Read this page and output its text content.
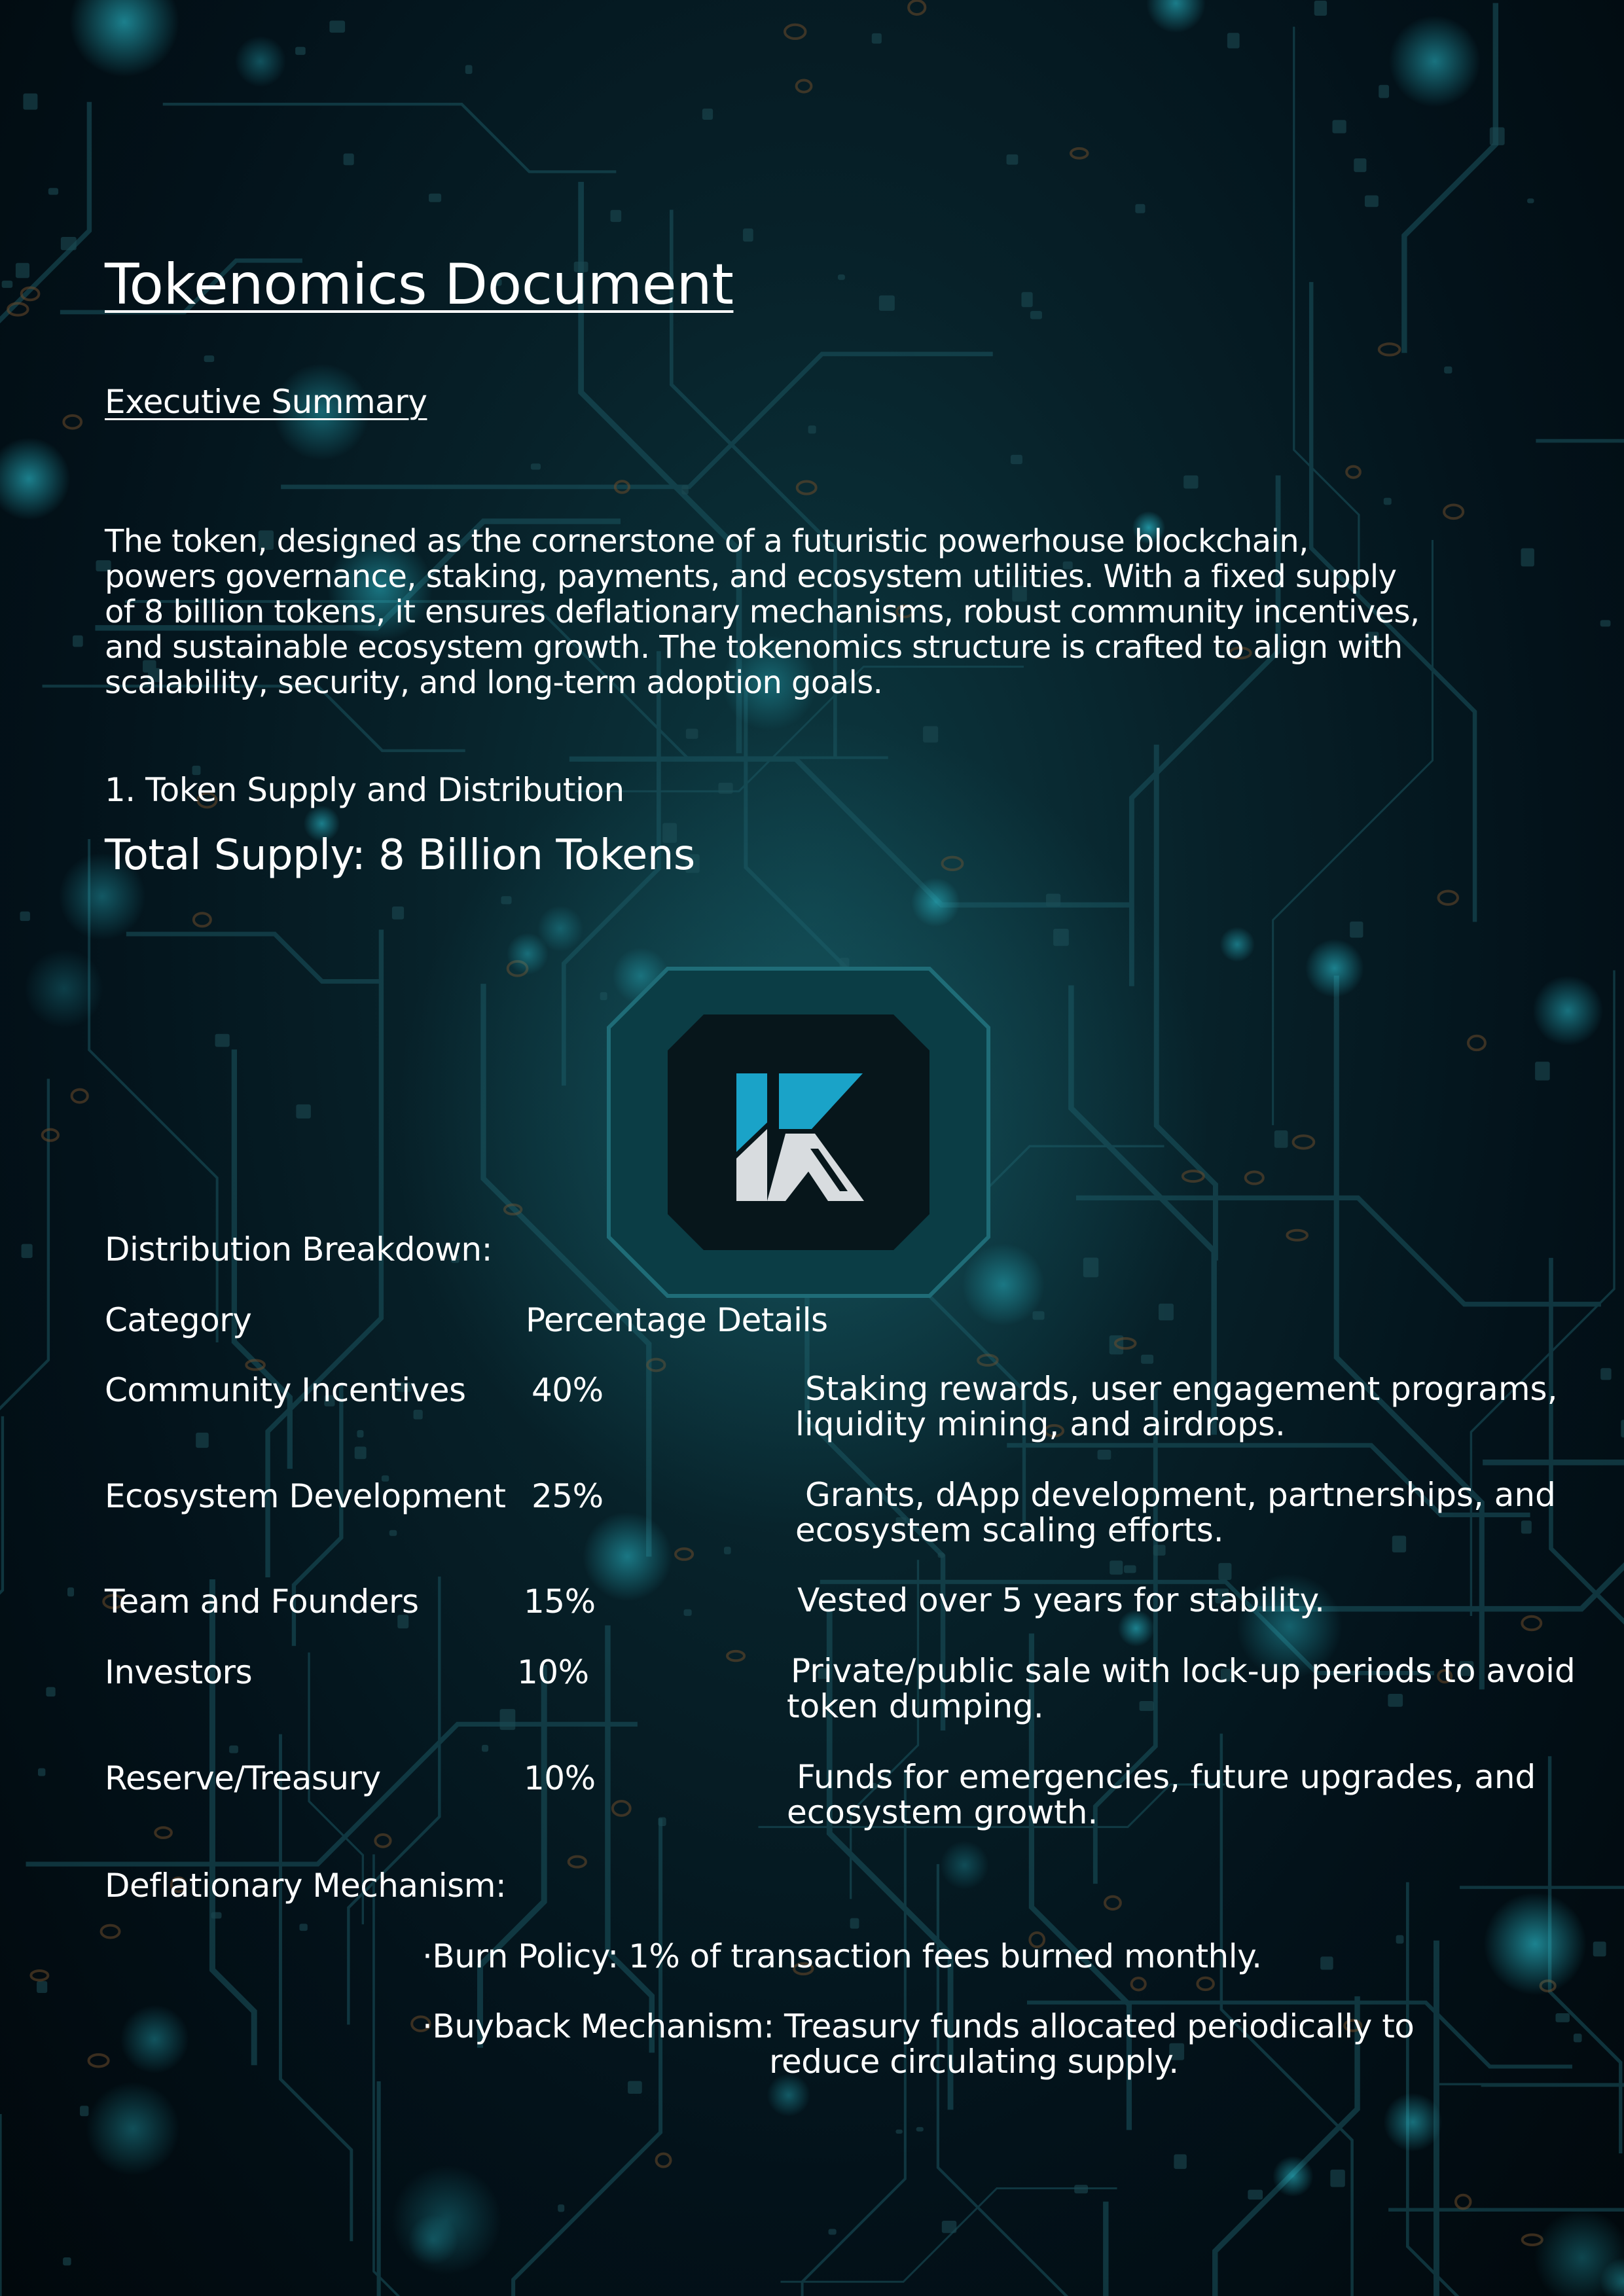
Tokenomics Document
Executive Summary
The token, designed as the cornerstone of a futuristic powerhouse blockchain,
powers governance, staking, payments, and ecosystem utilities. With a fixed supply
of 8 billion tokens, it ensures deflationary mechanisms, robust community incentives,
and sustainable ecosystem growth. The tokenomics structure is crafted to align with
scalability, security, and long-term adoption goals.
1. Token Supply and Distribution
Total Supply: 8 Billion Tokens
Distribution Breakdown:
Category	Percentage Details
Community Incentives 40%	Staking rewards, user engagement programs,
liquidity mining, and airdrops.
Ecosystem Development 25%	Grants, dApp development, partnerships, and
ecosystem scaling efforts.
Team and Founders	15%	Vested over 5 years for stability.
Investors	10%	Private/public sale with lock-up periods to avoid
token dumping.
Reserve/Treasury	10%	Funds for emergencies, future upgrades, and
ecosystem growth.
Deflationary Mechanism:
·Burn Policy: 1% of transaction fees burned monthly.
·Buyback Mechanism: Treasury funds allocated periodically to
reduce circulating supply.
